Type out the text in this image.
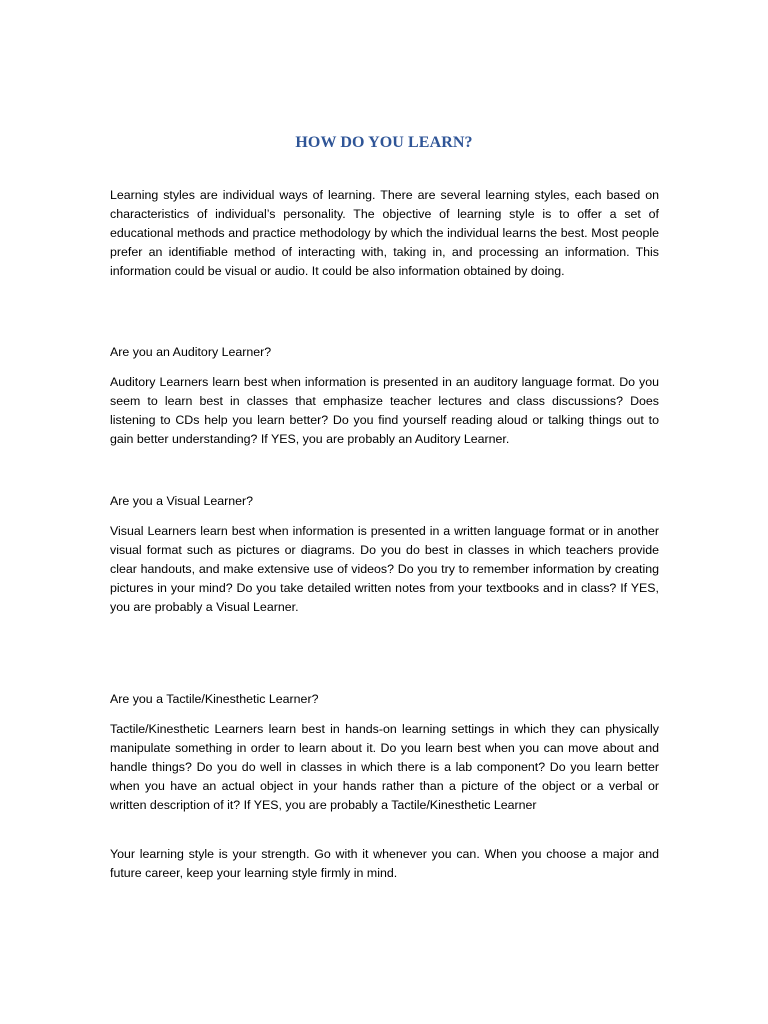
HOW DO YOU LEARN?

Learning styles are individual ways of learning. There are several learning styles, each based on characteristics of individual’s personality. The objective of learning style is to offer a set of educational methods and practice methodology by which the individual learns the best. Most people prefer an identifiable method of interacting with, taking in, and processing an information. This information could be visual or audio. It could be also information obtained by doing.

Are you an Auditory Learner?

Auditory Learners learn best when information is presented in an auditory language format. Do you seem to learn best in classes that emphasize teacher lectures and class discussions? Does listening to CDs help you learn better? Do you find yourself reading aloud or talking things out to gain better understanding? If YES, you are probably an Auditory Learner.

Are you a Visual Learner?

Visual Learners learn best when information is presented in a written language format or in another visual format such as pictures or diagrams. Do you do best in classes in which teachers provide clear handouts, and make extensive use of videos? Do you try to remember information by creating pictures in your mind? Do you take detailed written notes from your textbooks and in class? If YES, you are probably a Visual Learner.

Are you a Tactile/Kinesthetic Learner?

Tactile/Kinesthetic Learners learn best in hands-on learning settings in which they can physically manipulate something in order to learn about it. Do you learn best when you can move about and handle things? Do you do well in classes in which there is a lab component? Do you learn better when you have an actual object in your hands rather than a picture of the object or a verbal or written description of it? If YES, you are probably a Tactile/Kinesthetic Learner

Your learning style is your strength. Go with it whenever you can. When you choose a major and future career, keep your learning style firmly in mind.
